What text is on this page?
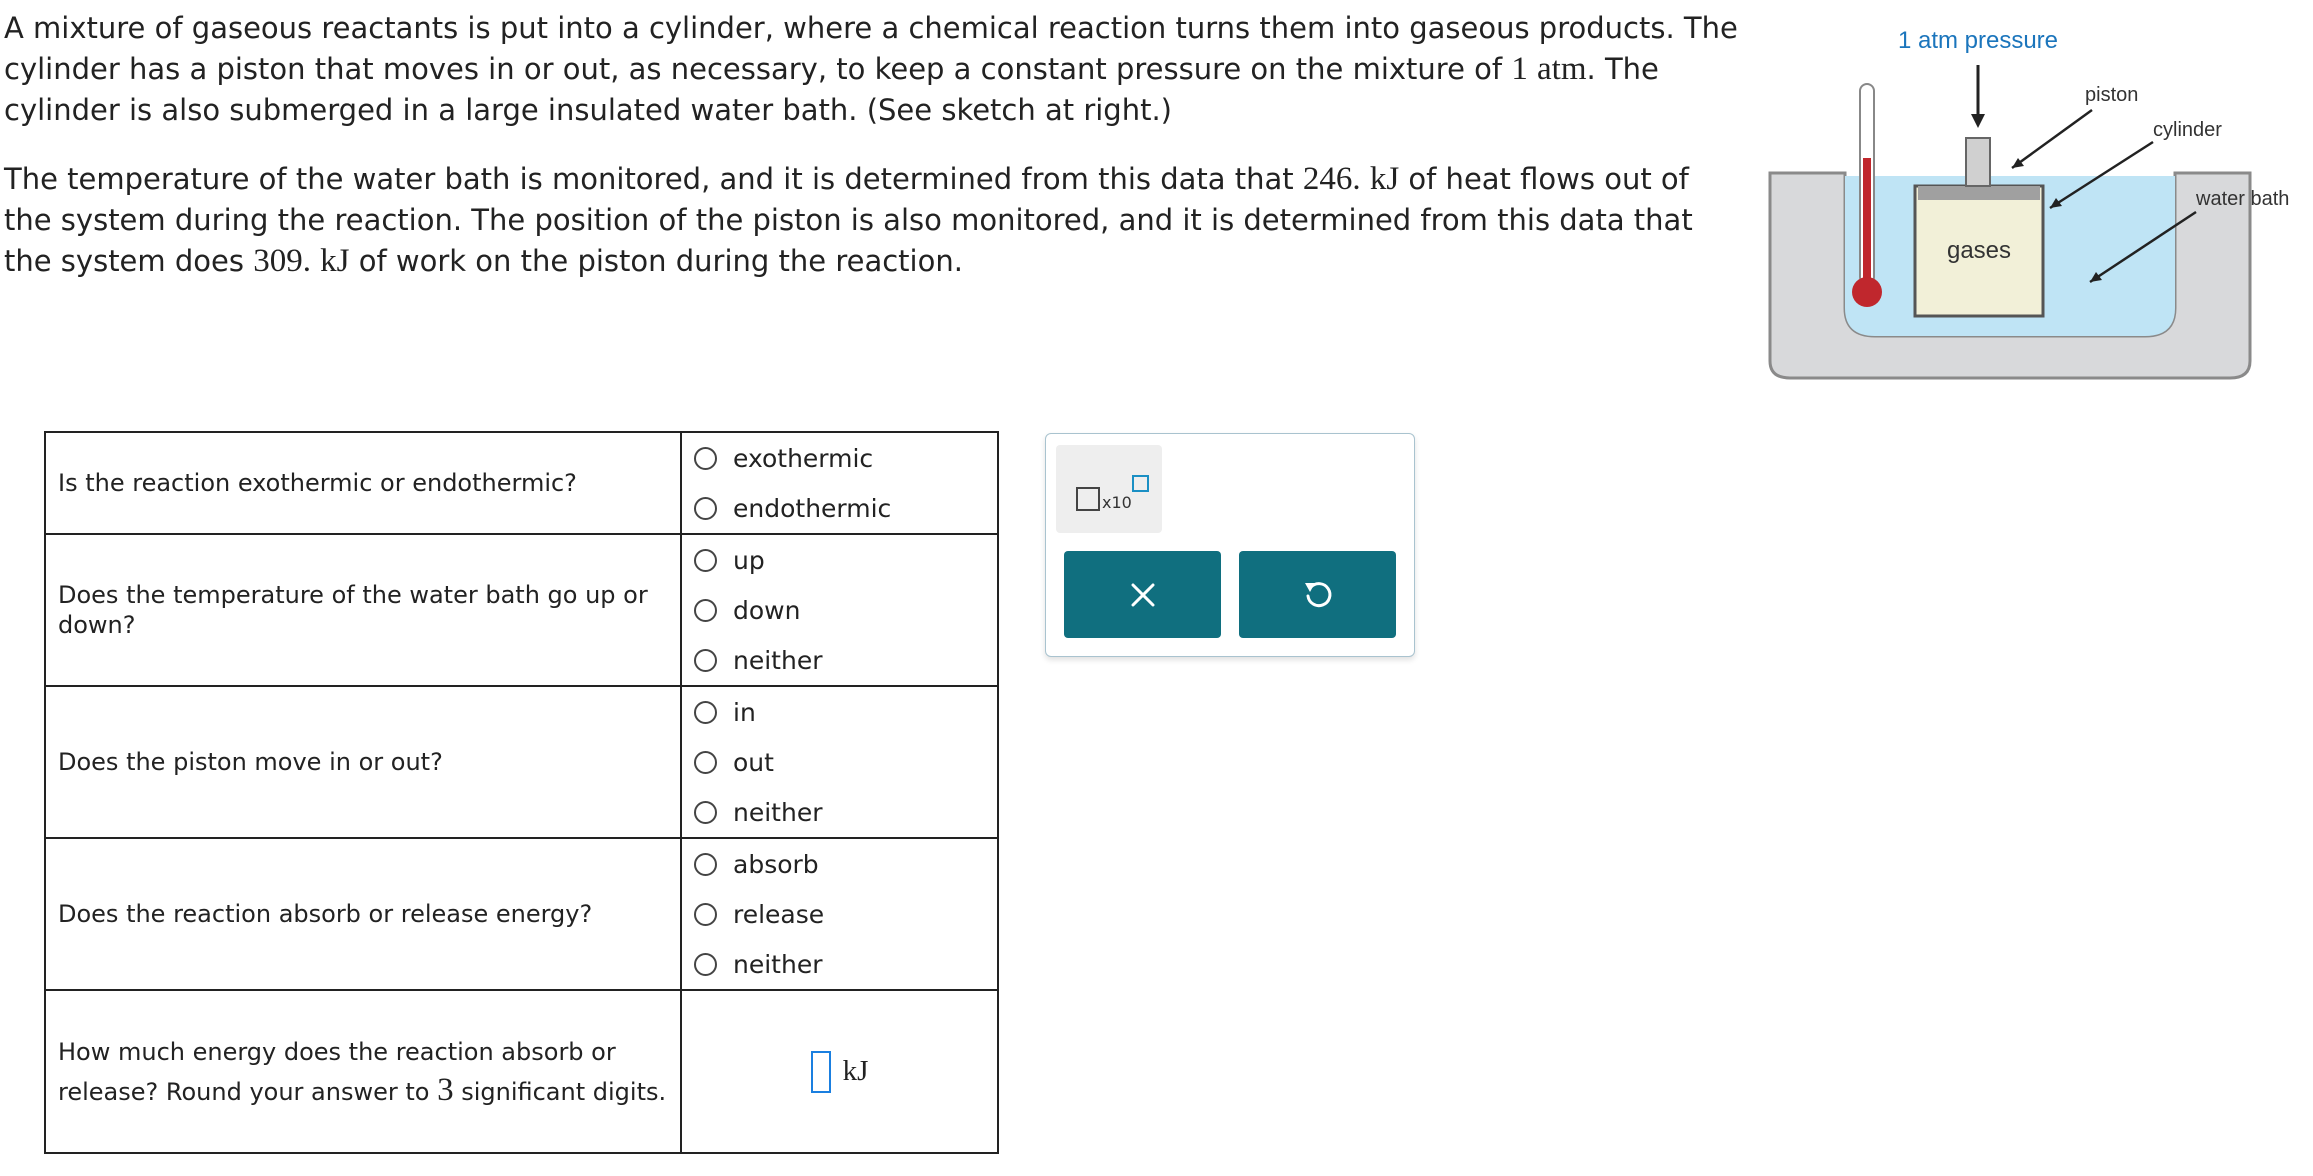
A mixture of gaseous reactants is put into a cylinder, where a chemical reaction turns them into gaseous products. The cylinder has a piston that moves in or out, as necessary, to keep a constant pressure on the mixture of 1 atm. The cylinder is also submerged in a large insulated water bath. (See sketch at right.)

The temperature of the water bath is monitored, and it is determined from this data that 246. kJ of heat flows out of the system during the reaction. The position of the piston is also monitored, and it is determined from this data that the system does 309. kJ of work on the piston during the reaction.

1 atm pressure
gases
piston
cylinder
water bath
Is the reaction exothermic or endothermic?	exothermic
endothermic

Does the temperature of the water bath go up or down?	up
down
neither

Does the piston move in or out?	in
out
neither

Does the reaction absorb or release energy?	absorb
release
neither

How much energy does the reaction absorb or release? Round your answer to 3 significant digits.	kJ
x10
